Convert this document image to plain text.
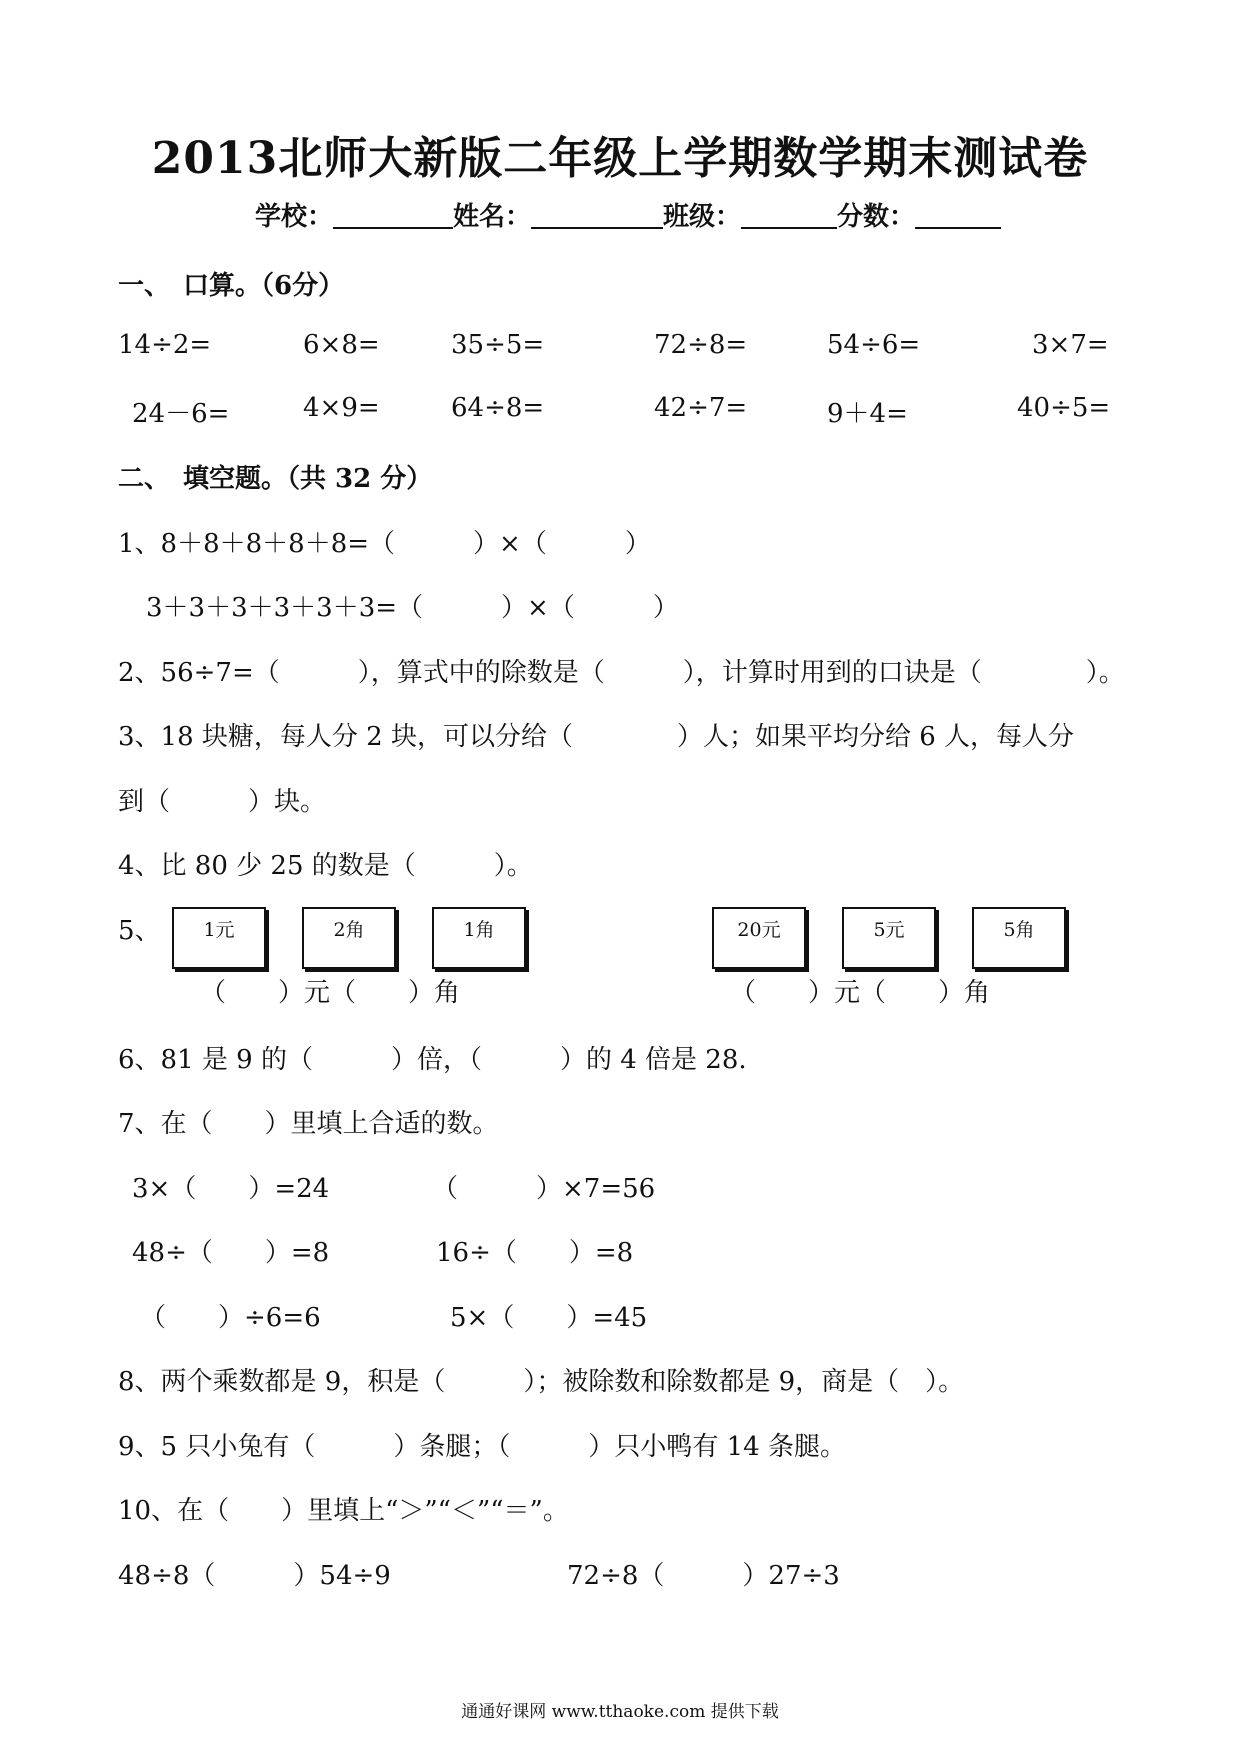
2013北师大新版二年级上学期数学期末测试卷
学校：	姓名：	班级：	分数：
一、　口算。（6分）
14÷2=	6×8=	35÷5=	72÷8=	54÷6=	3×7=
24－6=	4×9=	64÷8=	42÷7=	9＋4=	40÷5=
二、　填空题。（共 32 分）
1、8＋8＋8＋8＋8=（　　　）×（　　　）
3＋3＋3＋3＋3＋3=（　　　）×（　　　）
2、56÷7=（　　　），算式中的除数是（　　　），计算时用到的口诀是（　　　　）。
3、18 块糖，每人分 2 块，可以分给（　　　　）人；如果平均分给 6 人，每人分
到（　　　）块。
4、比 80 少 25 的数是（　　　）。
5、	1元	2角	1角	20元	5元	5角
（　　）元（　　）角	（　　）元（　　）角
6、81 是 9 的（　　　）倍，（　　　）的 4 倍是 28.
7、在（　　）里填上合适的数。
3×（　　）=24	（　　　）×7=56
48÷（　　）=8	16÷（　　）=8
（　　）÷6=6	5×（　　）=45
8、两个乘数都是 9，积是（　　　）；被除数和除数都是 9，商是（　）。
9、5 只小兔有（　　　）条腿；（　　　）只小鸭有 14 条腿。
10、在（　　）里填上“＞”“＜”“＝”。
48÷8（　　　）54÷9	72÷8（　　　）27÷3
通通好课网 www.tthaoke.com 提供下载
